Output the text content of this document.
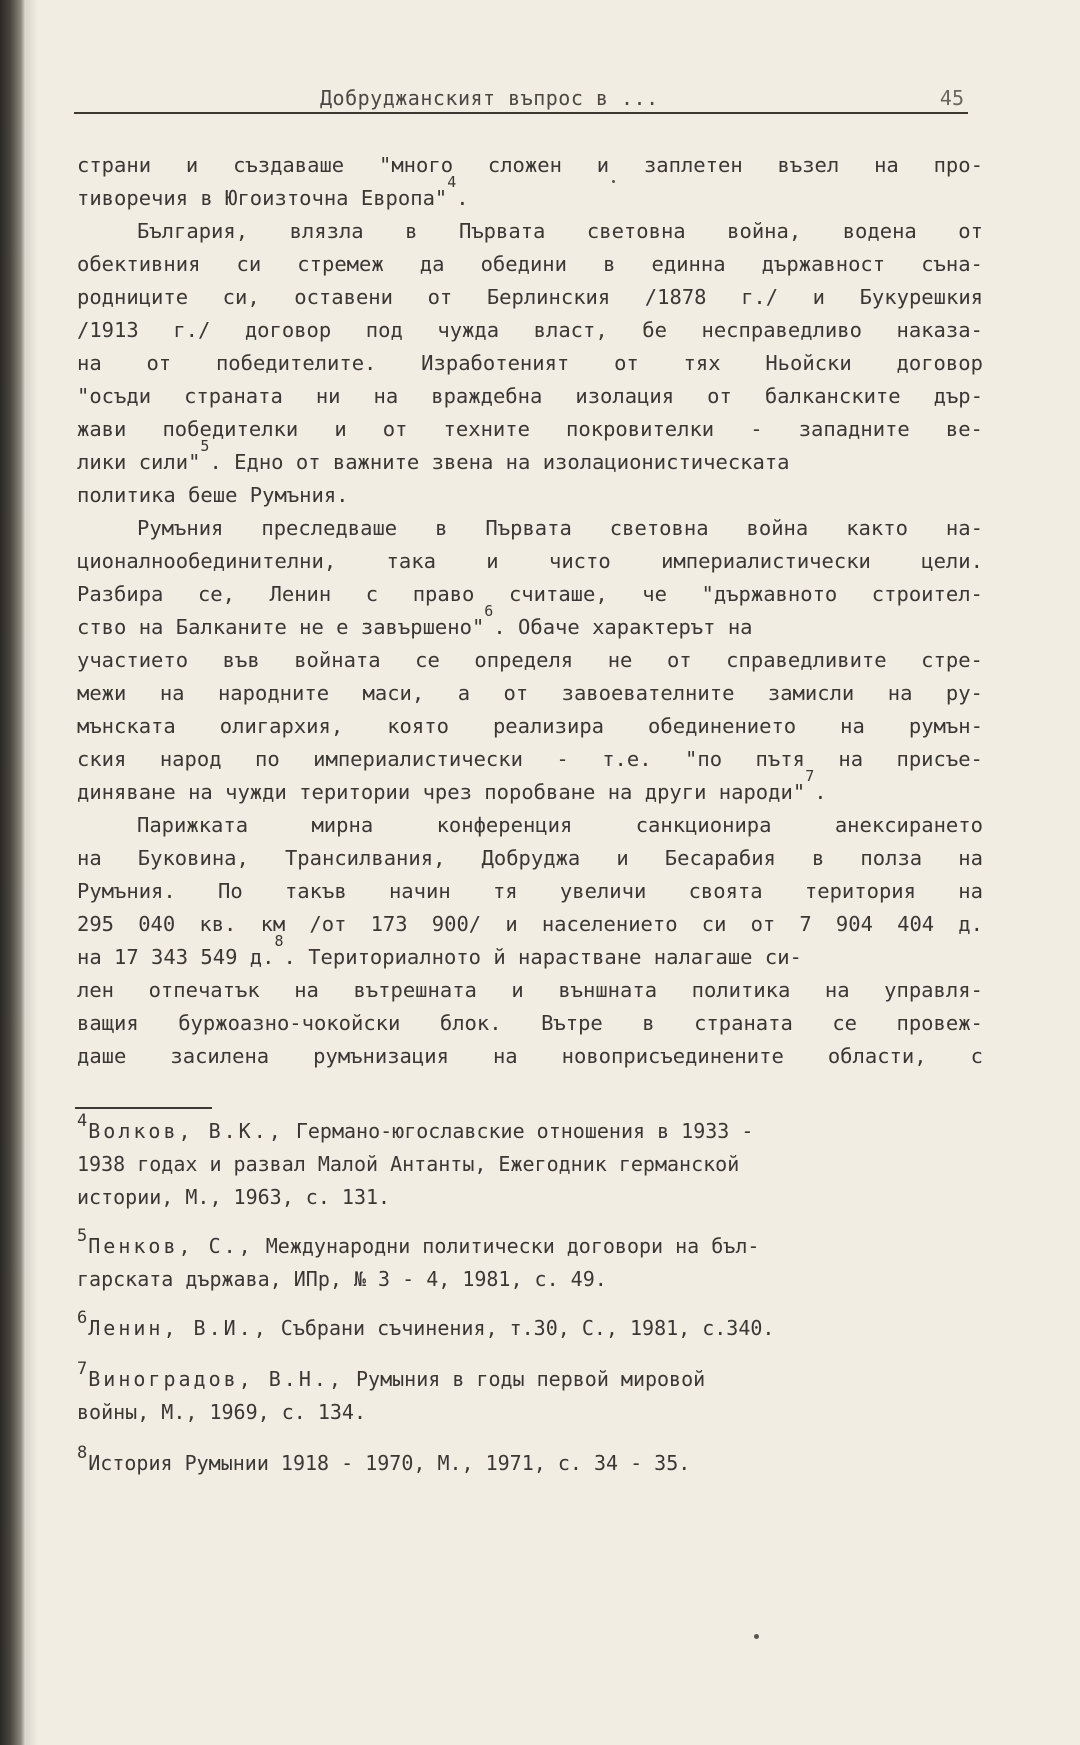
Добруджанският въпрос в ...	45
страни и създаваше "много сложен и заплетен възел на про-
тиворечия в Югоизточна Европа"
4
.
България, влязла в Първата световна война, водена от
обективния си стремеж да обедини в единна държавност съна-
родниците си, оставени от Берлинския /1878 г./ и Букурешкия
/1913 г./ договор под чужда власт, бе несправедливо наказа-
на от победителите. Изработеният от тях Ньойски договор
"осъди страната ни на враждебна изолация от балканските дър-
жави победителки и от техните покровителки - западните ве-
лики сили"
5
. Едно от важните звена на изолационистическата
политика беше Румъния.
Румъния преследваше в Първата световна война както на-
ционалнообединителни, така и чисто империалистически цели.
Разбира се, Ленин с право считаше, че "държавното строител-
ство на Балканите не е завършено"
6
. Обаче характерът на
участието във войната се определя не от справедливите стре-
межи на народните маси, а от завоевателните замисли на ру-
мънската олигархия, която реализира обединението на румън-
ския народ по империалистически - т.е. "по пътя на присъе-
диняване на чужди територии чрез поробване на други народи"
7
.
Парижката	мирна	конференция	санкционира	анексирането
на Буковина, Трансилвания, Добруджа и Бесарабия в полза на
Румъния. По такъв начин тя увеличи своята територия на
295 040 кв. км /от 173 900/ и населението си от 7 904 404 д.
на 17 343 549 д.
8
. Териториалното й нарастване налагаше си-
лен отпечатък на вътрешната и външната политика на управля-
ващия буржоазно-чокойски блок. Вътре в страната се провеж-
даше засилена румънизация на новоприсъединените области, с
$^4$Волков, В.К., Германо-югославские отношения в 1933 -
1938 годах и развал Малой Антанты, Ежегодник германской
истории, М., 1963, с. 131.
$^5$Пенков, С., Международни политически договори на бъл-
гарската държава, ИПр, № 3 - 4, 1981, с. 49.
$^6$Ленин, В.И., Събрани съчинения, т.30, С., 1981, с.340.
$^7$Виноградов, В.Н., Румыния в годы первой мировой
войны, М., 1969, с. 134.
$^8$История Румынии 1918 - 1970, М., 1971, с. 34 - 35.
